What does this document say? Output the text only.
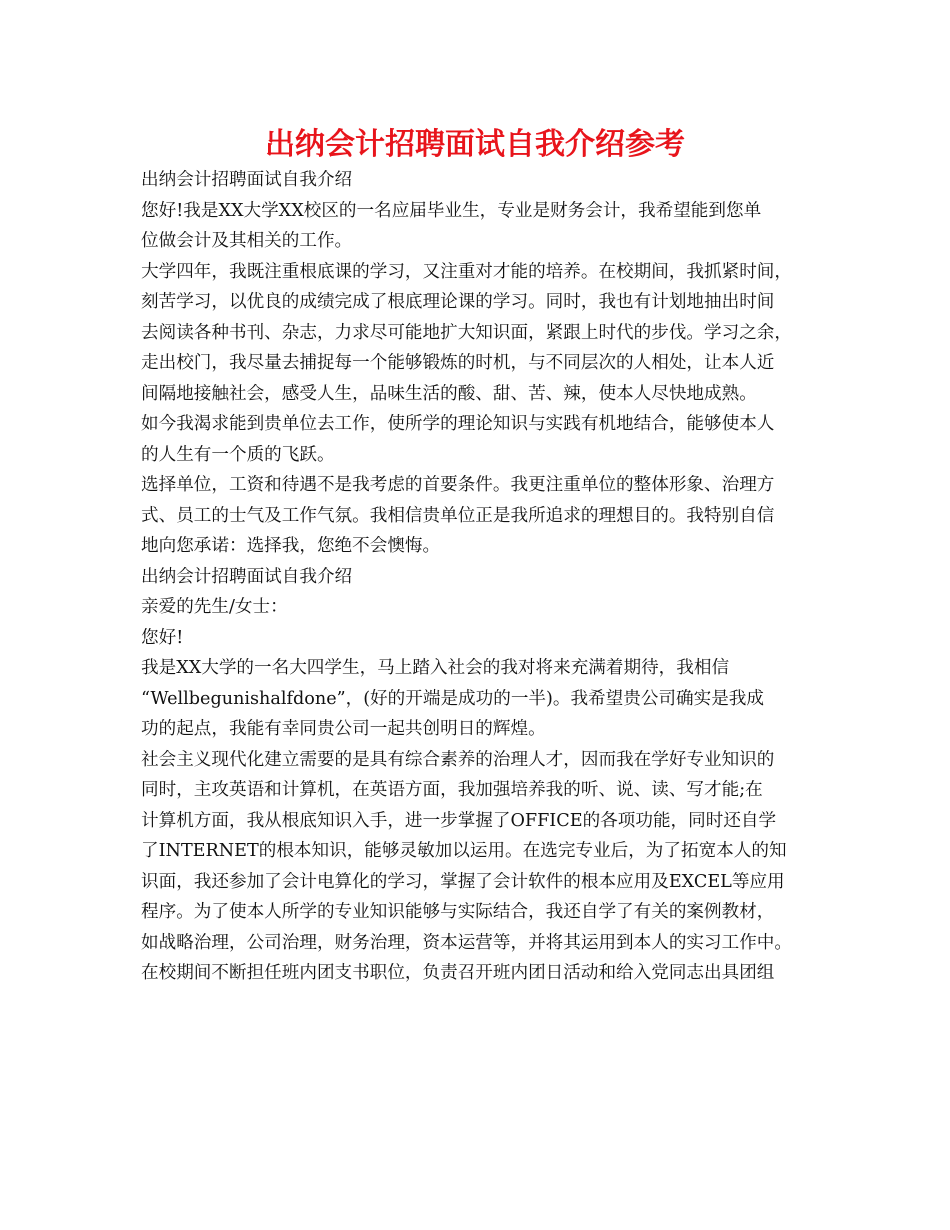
出纳会计招聘面试自我介绍参考
出纳会计招聘面试自我介绍
您好!我是XX大学XX校区的一名应届毕业生，专业是财务会计，我希望能到您单
位做会计及其相关的工作。
大学四年，我既注重根底课的学习，又注重对才能的培养。在校期间，我抓紧时间，
刻苦学习，以优良的成绩完成了根底理论课的学习。同时，我也有计划地抽出时间
去阅读各种书刊、杂志，力求尽可能地扩大知识面，紧跟上时代的步伐。学习之余，
走出校门，我尽量去捕捉每一个能够锻炼的时机，与不同层次的人相处，让本人近
间隔地接触社会，感受人生，品味生活的酸、甜、苦、辣，使本人尽快地成熟。
如今我渴求能到贵单位去工作，使所学的理论知识与实践有机地结合，能够使本人
的人生有一个质的飞跃。
选择单位，工资和待遇不是我考虑的首要条件。我更注重单位的整体形象、治理方
式、员工的士气及工作气氛。我相信贵单位正是我所追求的理想目的。我特别自信
地向您承诺：选择我，您绝不会懊悔。
出纳会计招聘面试自我介绍
亲爱的先生/女士：
您好!
我是XX大学的一名大四学生，马上踏入社会的我对将来充满着期待，我相信
“Wellbegunishalfdone”，(好的开端是成功的一半)。我希望贵公司确实是我成
功的起点，我能有幸同贵公司一起共创明日的辉煌。
社会主义现代化建立需要的是具有综合素养的治理人才，因而我在学好专业知识的
同时，主攻英语和计算机，在英语方面，我加强培养我的听、说、读、写才能;在
计算机方面，我从根底知识入手，进一步掌握了OFFICE的各项功能，同时还自学
了INTERNET的根本知识，能够灵敏加以运用。在选完专业后，为了拓宽本人的知
识面，我还参加了会计电算化的学习，掌握了会计软件的根本应用及EXCEL等应用
程序。为了使本人所学的专业知识能够与实际结合，我还自学了有关的案例教材，
如战略治理，公司治理，财务治理，资本运营等，并将其运用到本人的实习工作中。
在校期间不断担任班内团支书职位，负责召开班内团日活动和给入党同志出具团组
